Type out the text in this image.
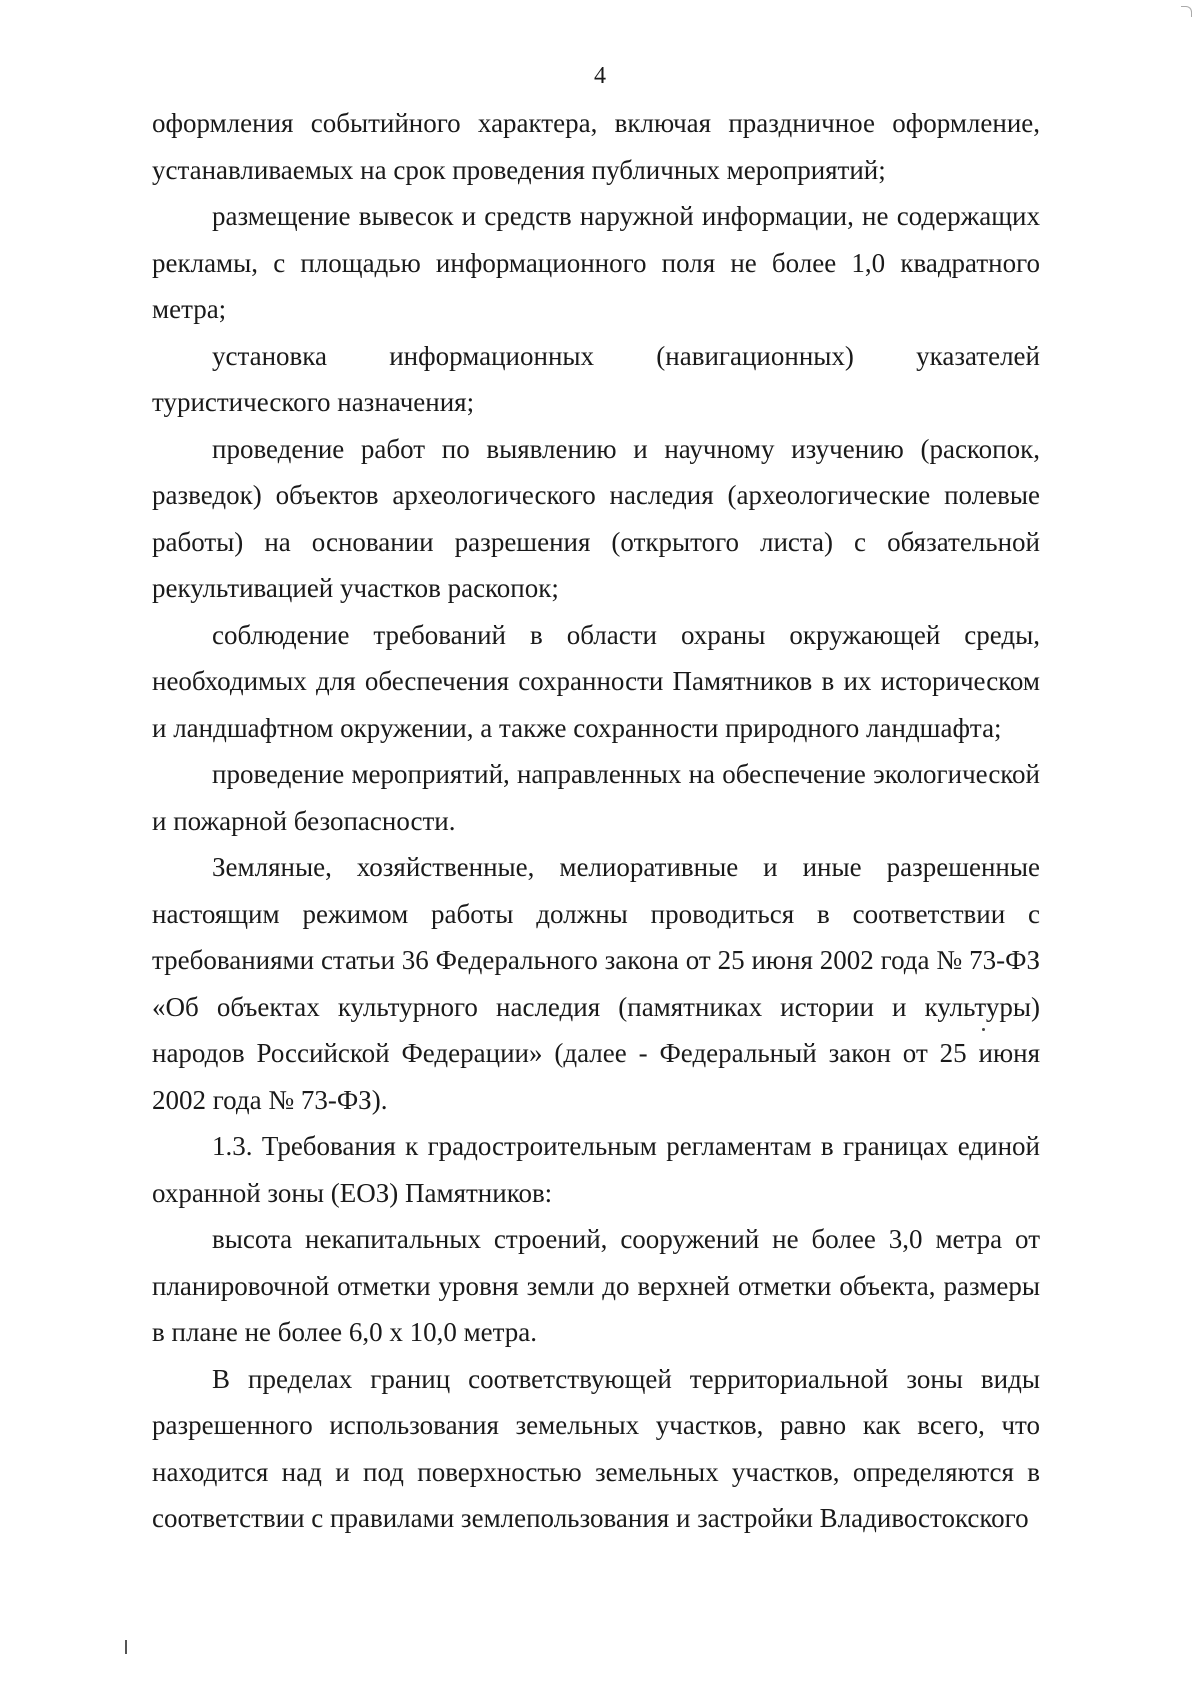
4

оформления событийного характера, включая праздничное оформление, устанавливаемых на срок проведения публичных мероприятий;

размещение вывесок и средств наружной информации, не содержащих рекламы, с площадью информационного поля не более 1,0 квадратного метра;

установка информационных (навигационных) указателей туристического назначения;

проведение работ по выявлению и научному изучению (раскопок, разведок) объектов археологического наследия (археологические полевые работы) на основании разрешения (открытого листа) с обязательной рекультивацией участков раскопок;

соблюдение требований в области охраны окружающей среды, необходимых для обеспечения сохранности Памятников в их историческом и ландшафтном окружении, а также сохранности природного ландшафта;

проведение мероприятий, направленных на обеспечение экологической и пожарной безопасности.

Земляные, хозяйственные, мелиоративные и иные разрешенные настоящим режимом работы должны проводиться в соответствии с требованиями статьи 36 Федерального закона от 25 июня 2002 года № 73-ФЗ «Об объектах культурного наследия (памятниках истории и культуры) народов Российской Федерации» (далее - Федеральный закон от 25 июня 2002 года № 73-ФЗ).

1.3. Требования к градостроительным регламентам в границах единой охранной зоны (ЕОЗ) Памятников:

высота некапитальных строений, сооружений не более 3,0 метра от планировочной отметки уровня земли до верхней отметки объекта, размеры в плане не более 6,0 х 10,0 метра.

В пределах границ соответствующей территориальной зоны виды разрешенного использования земельных участков, равно как всего, что находится над и под поверхностью земельных участков, определяются в соответствии с правилами землепользования и застройки Владивостокского
